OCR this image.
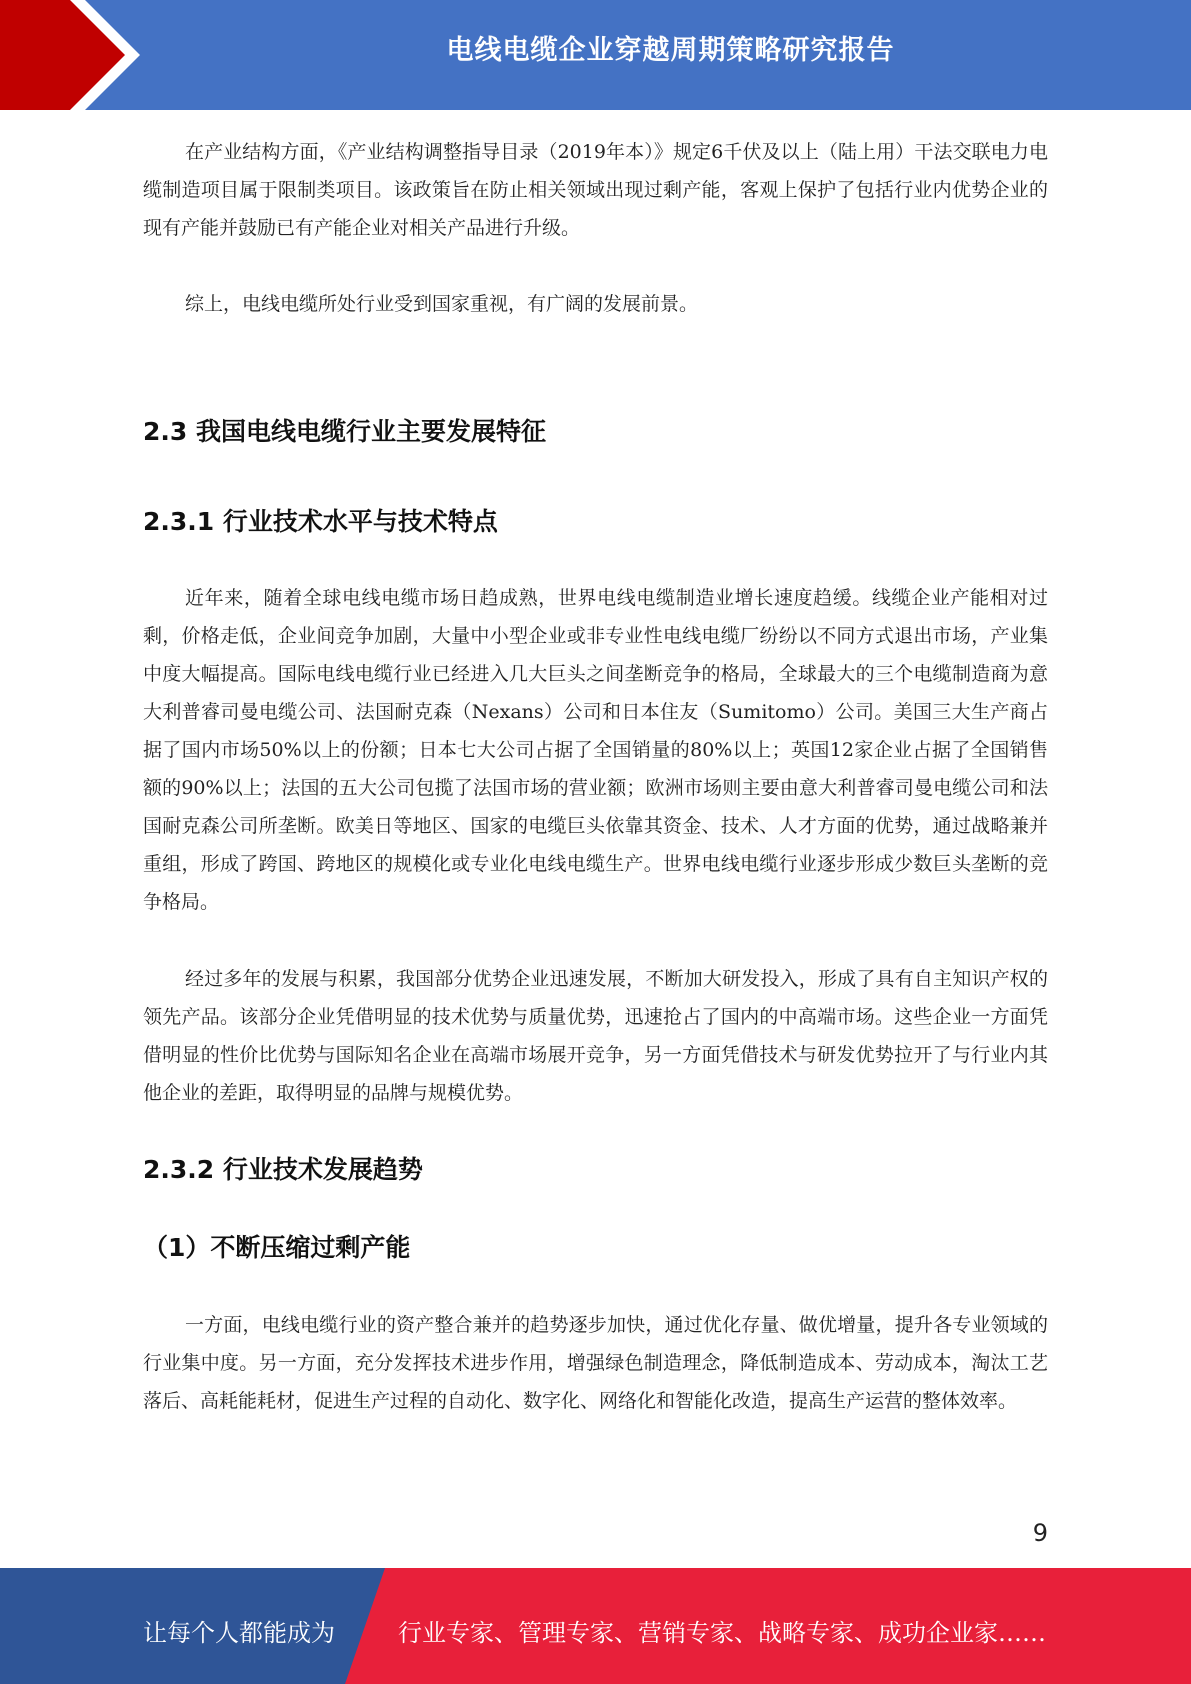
电线电缆企业穿越周期策略研究报告

在产业结构方面，《产业结构调整指导目录（2019年本）》规定6千伏及以上（陆上用）干法交联电力电缆制造项目属于限制类项目。该政策旨在防止相关领域出现过剩产能，客观上保护了包括行业内优势企业的现有产能并鼓励已有产能企业对相关产品进行升级。

综上，电线电缆所处行业受到国家重视，有广阔的发展前景。

2.3 我国电线电缆行业主要发展特征
2.3.1 行业技术水平与技术特点

近年来，随着全球电线电缆市场日趋成熟，世界电线电缆制造业增长速度趋缓。线缆企业产能相对过剩，价格走低，企业间竞争加剧，大量中小型企业或非专业性电线电缆厂纷纷以不同方式退出市场，产业集中度大幅提高。国际电线电缆行业已经进入几大巨头之间垄断竞争的格局，全球最大的三个电缆制造商为意大利普睿司曼电缆公司、法国耐克森（Nexans）公司和日本住友（Sumitomo）公司。美国三大生产商占据了国内市场50%以上的份额；日本七大公司占据了全国销量的80%以上；英国12家企业占据了全国销售额的90%以上；法国的五大公司包揽了法国市场的营业额；欧洲市场则主要由意大利普睿司曼电缆公司和法国耐克森公司所垄断。欧美日等地区、国家的电缆巨头依靠其资金、技术、人才方面的优势，通过战略兼并重组，形成了跨国、跨地区的规模化或专业化电线电缆生产。世界电线电缆行业逐步形成少数巨头垄断的竞争格局。

经过多年的发展与积累，我国部分优势企业迅速发展，不断加大研发投入，形成了具有自主知识产权的领先产品。该部分企业凭借明显的技术优势与质量优势，迅速抢占了国内的中高端市场。这些企业一方面凭借明显的性价比优势与国际知名企业在高端市场展开竞争，另一方面凭借技术与研发优势拉开了与行业内其他企业的差距，取得明显的品牌与规模优势。

2.3.2 行业技术发展趋势
（1）不断压缩过剩产能

一方面，电线电缆行业的资产整合兼并的趋势逐步加快，通过优化存量、做优增量，提升各专业领域的行业集中度。另一方面，充分发挥技术进步作用，增强绿色制造理念，降低制造成本、劳动成本，淘汰工艺落后、高耗能耗材，促进生产过程的自动化、数字化、网络化和智能化改造，提高生产运营的整体效率。

9
让每个人都能成为	行业专家、管理专家、营销专家、战略专家、成功企业家……
